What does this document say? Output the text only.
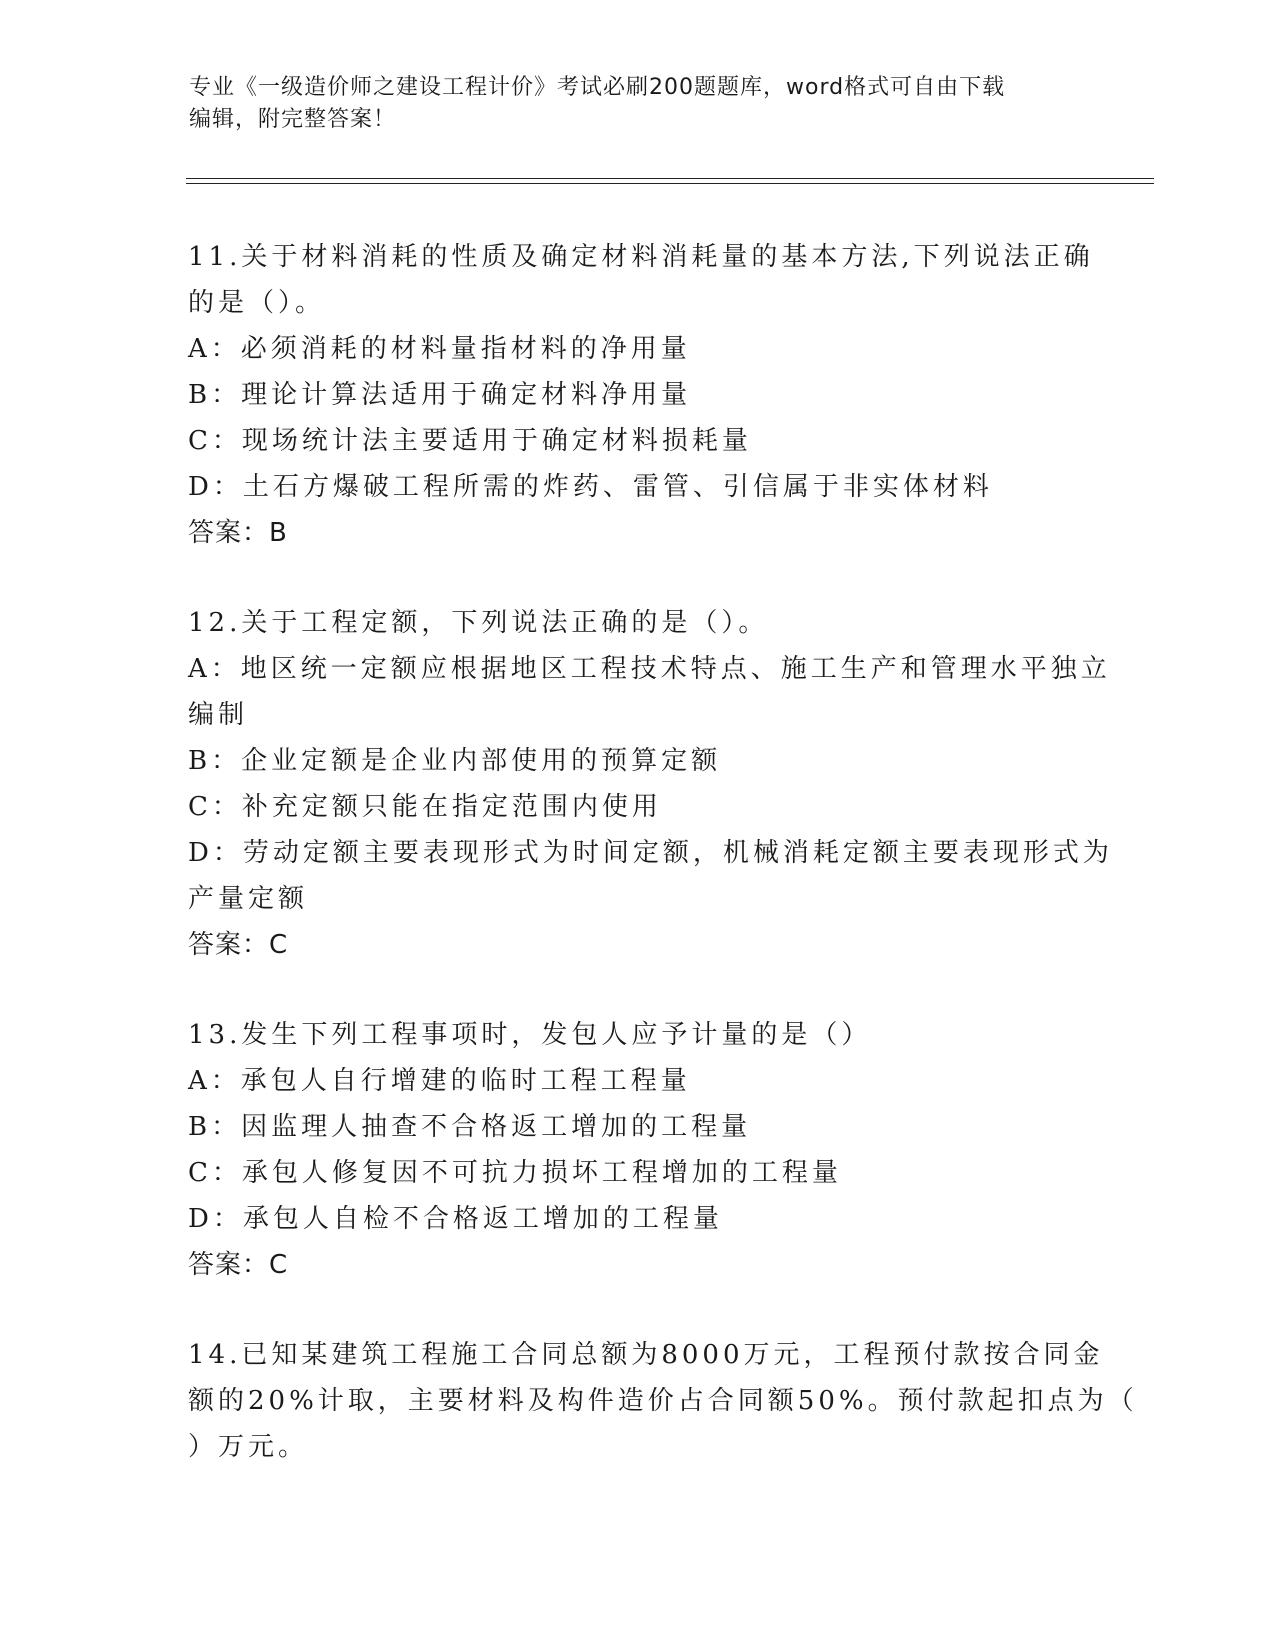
专业《一级造价师之建设工程计价》考试必刷200题题库，word格式可自由下载
编辑，附完整答案！
11.关于材料消耗的性质及确定材料消耗量的基本方法,下列说法正确
的是（）。
A：必须消耗的材料量指材料的净用量
B：理论计算法适用于确定材料净用量
C：现场统计法主要适用于确定材料损耗量
D：土石方爆破工程所需的炸药、雷管、引信属于非实体材料
答案：B
12.关于工程定额，下列说法正确的是（）。
A：地区统一定额应根据地区工程技术特点、施工生产和管理水平独立
编制
B：企业定额是企业内部使用的预算定额
C：补充定额只能在指定范围内使用
D：劳动定额主要表现形式为时间定额，机械消耗定额主要表现形式为
产量定额
答案：C
13.发生下列工程事项时，发包人应予计量的是（）
A：承包人自行增建的临时工程工程量
B：因监理人抽查不合格返工增加的工程量
C：承包人修复因不可抗力损坏工程增加的工程量
D：承包人自检不合格返工增加的工程量
答案：C
14.已知某建筑工程施工合同总额为8000万元，工程预付款按合同金
额的20%计取，主要材料及构件造价占合同额50%。预付款起扣点为（
）万元。
